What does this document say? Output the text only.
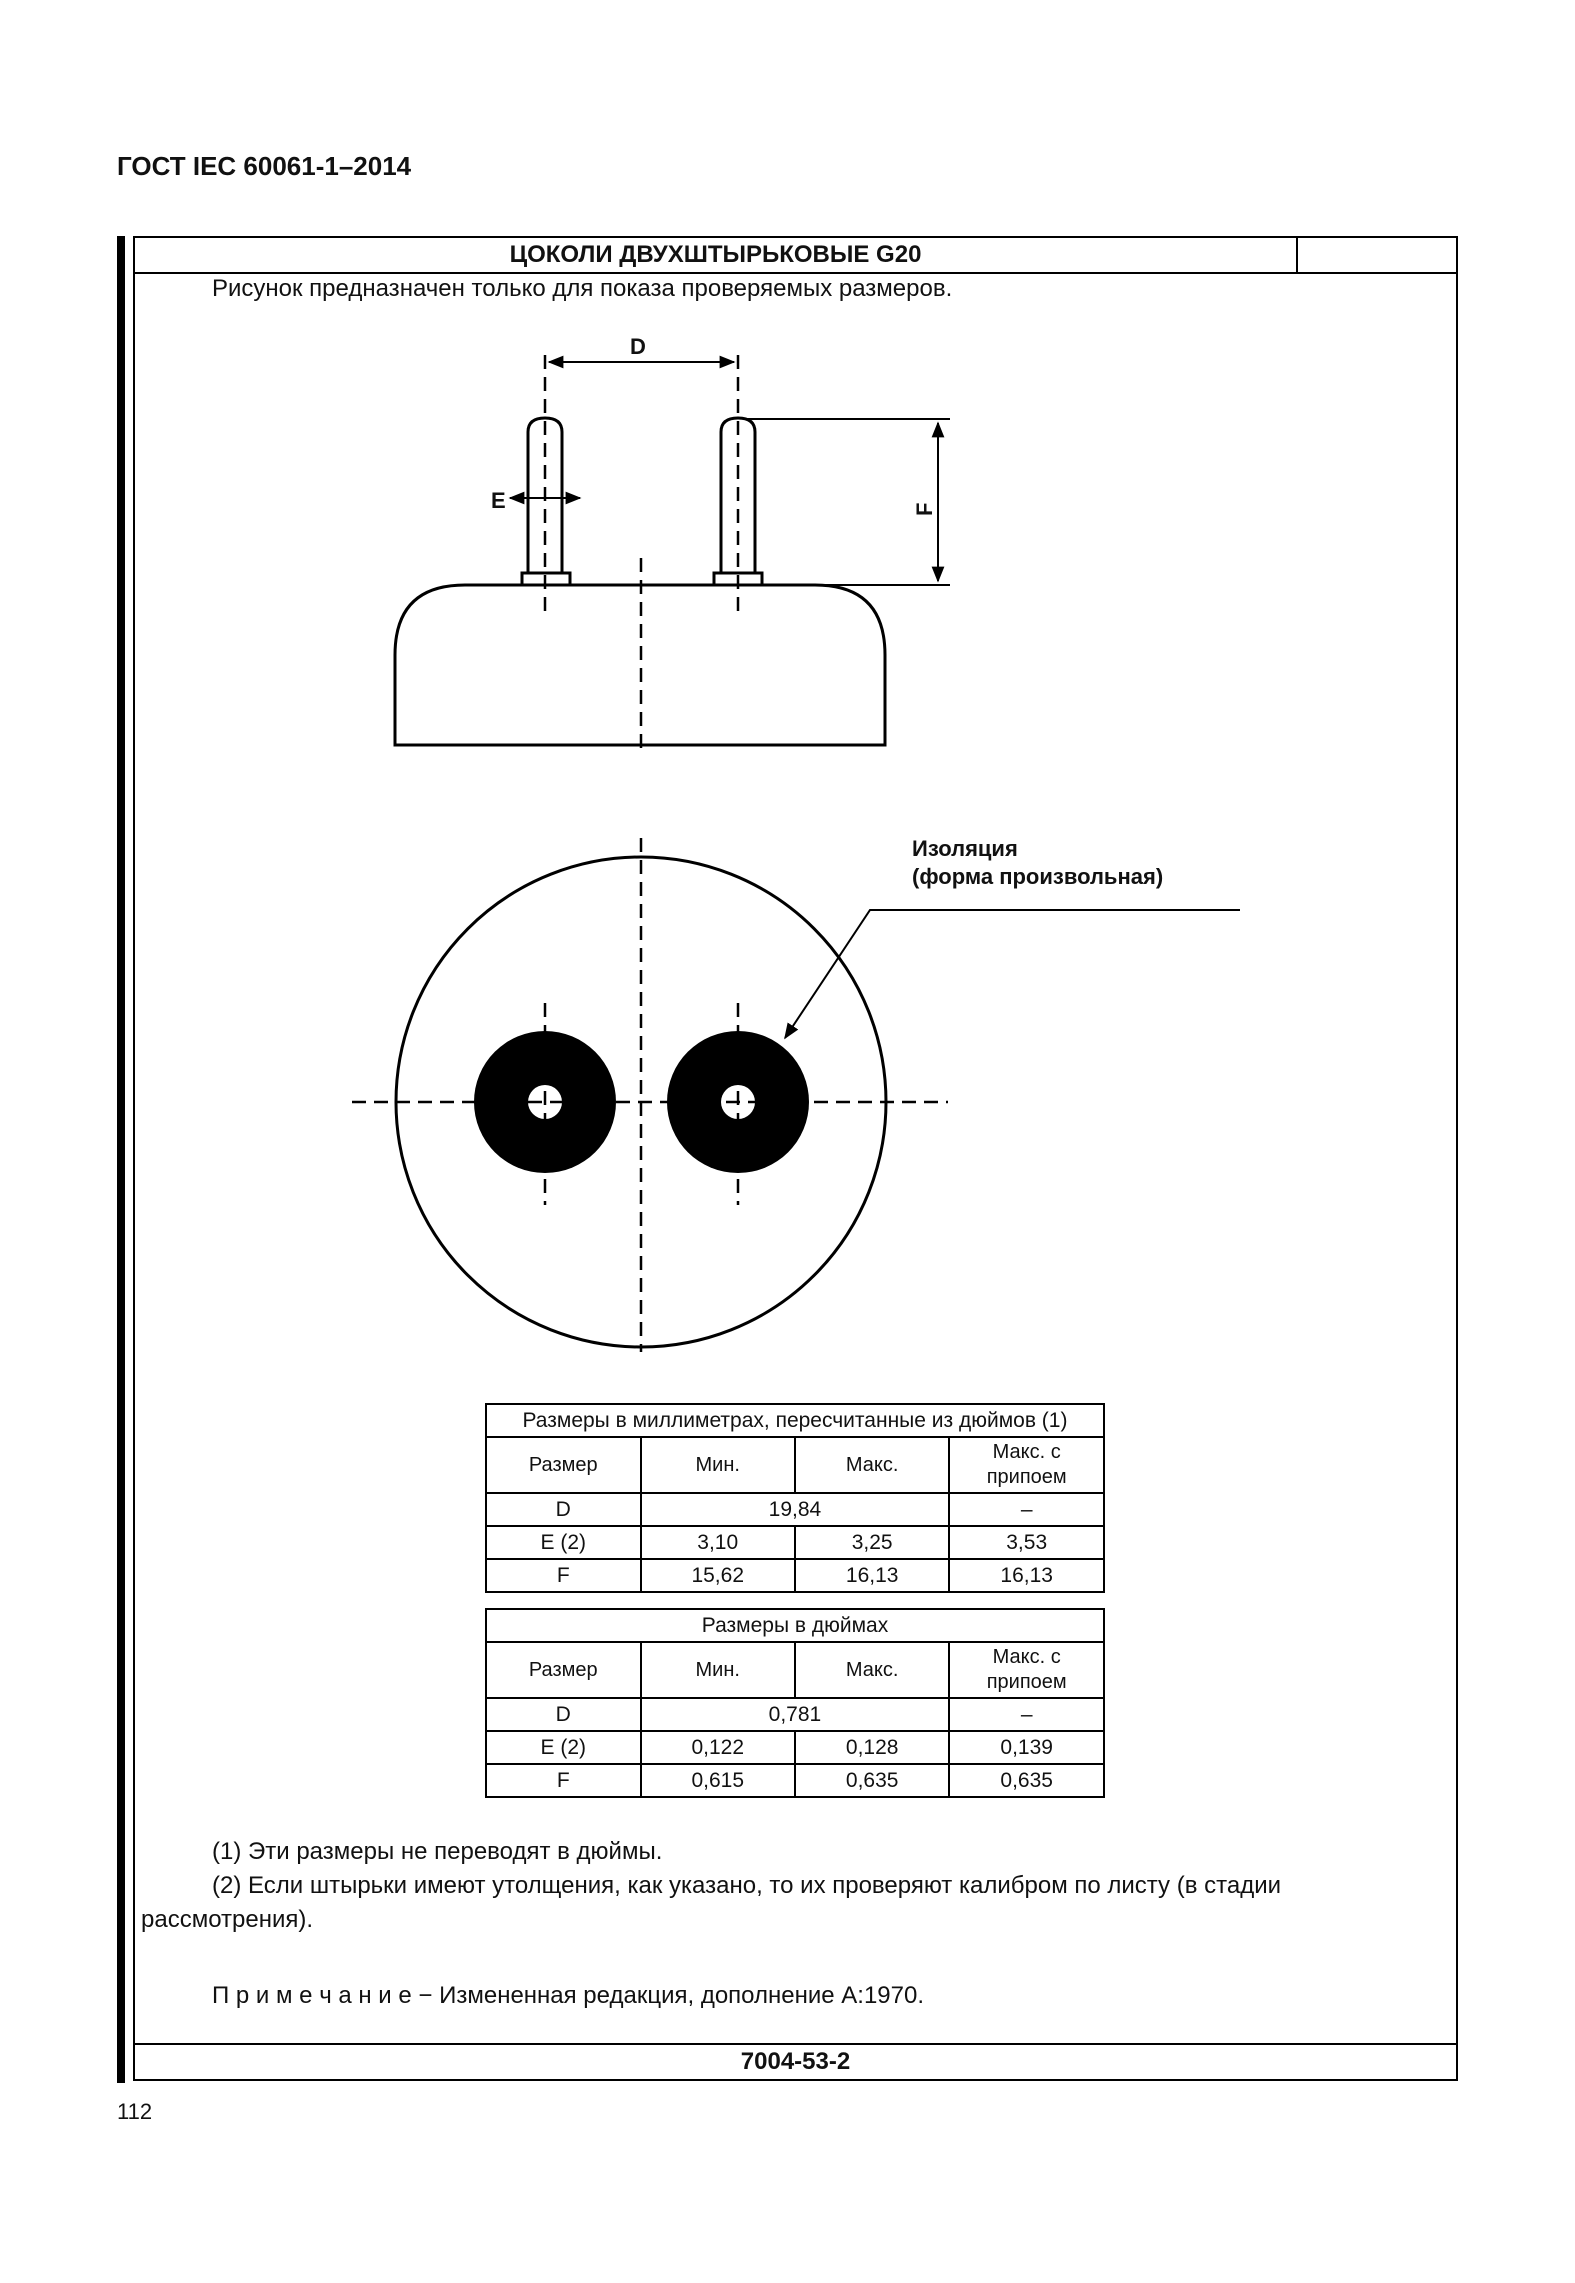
ГОСТ IEC 60061-1–2014
ЦОКОЛИ ДВУХШТЫРЬКОВЫЕ G20
7004-53-2
Рисунок предназначен только для показа проверяемых размеров.
D
E	F
Изоляция
(форма произвольная)
Размеры в миллиметрах, пересчитанные из дюймов (1)			
Размер	Мин.	Макс.	Макс. с припоем
D	19,84		–
E (2)	3,10	3,25	3,53
F	15,62	16,13	16,13
Размеры в дюймах			
Размер	Мин.	Макс.	Макс. с припоем
D	0,781		–
E (2)	0,122	0,128	0,139
F	0,615	0,635	0,635
(1) Эти размеры не переводят в дюймы.
(2) Если штырьки имеют утолщения, как указано, то их проверяют калибром по листу (в стадии
рассмотрения).
П р и м е ч а н и е − Измененная редакция, дополнение А:1970.
112
